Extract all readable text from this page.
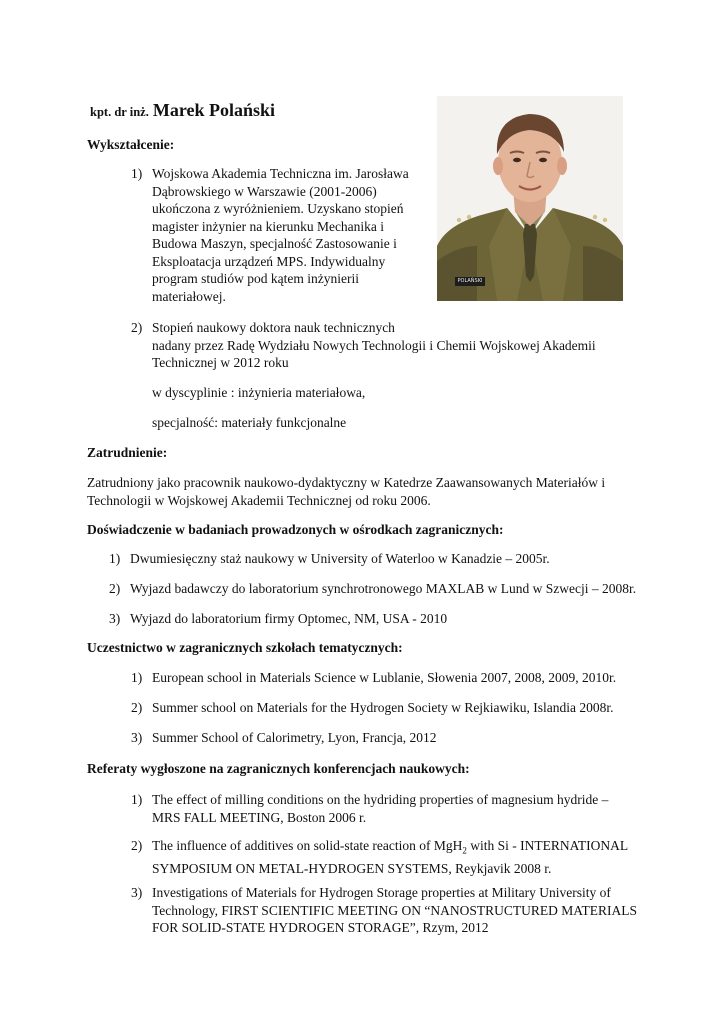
kpt. dr inż. Marek Polański
POLAŃSKI
Wykształcenie:
1) Wojskowa Akademia Techniczna im. Jarosława
Dąbrowskiego w Warszawie (2001-2006)
ukończona z wyróżnieniem. Uzyskano stopień
magister inżynier na kierunku Mechanika i
Budowa Maszyn, specjalność Zastosowanie i
Eksploatacja urządzeń MPS. Indywidualny
program studiów pod kątem inżynierii
materiałowej.
2) Stopień naukowy doktora nauk technicznych
nadany przez Radę Wydziału Nowych Technologii i Chemii Wojskowej Akademii
Technicznej w 2012 roku
w dyscyplinie : inżynieria materiałowa,
specjalność: materiały funkcjonalne
Zatrudnienie:
Zatrudniony jako pracownik naukowo-dydaktyczny w Katedrze Zaawansowanych Materiałów i
Technologii w Wojskowej Akademii Technicznej od roku 2006.
Doświadczenie w badaniach prowadzonych w ośrodkach zagranicznych:
1) Dwumiesięczny staż naukowy w University of Waterloo w Kanadzie – 2005r.
2) Wyjazd badawczy do laboratorium synchrotronowego MAXLAB w Lund w Szwecji – 2008r.
3) Wyjazd do laboratorium firmy Optomec, NM, USA - 2010
Uczestnictwo w zagranicznych szkołach tematycznych:
1) European school in Materials Science w Lublanie, Słowenia 2007, 2008, 2009, 2010r.
2) Summer school on Materials for the Hydrogen Society w Rejkiawiku, Islandia 2008r.
3) Summer School of Calorimetry, Lyon, Francja, 2012
Referaty wygłoszone na zagranicznych konferencjach naukowych:
1) The effect of milling conditions on the hydriding properties of magnesium hydride –
MRS FALL MEETING, Boston 2006 r.
2) The influence of additives on solid-state reaction of MgH$_2$ with Si - INTERNATIONAL
SYMPOSIUM ON METAL-HYDROGEN SYSTEMS, Reykjavik 2008 r.
3) Investigations of Materials for Hydrogen Storage properties at Military University of
Technology, FIRST SCIENTIFIC MEETING ON “NANOSTRUCTURED MATERIALS
FOR SOLID-STATE HYDROGEN STORAGE”, Rzym, 2012
